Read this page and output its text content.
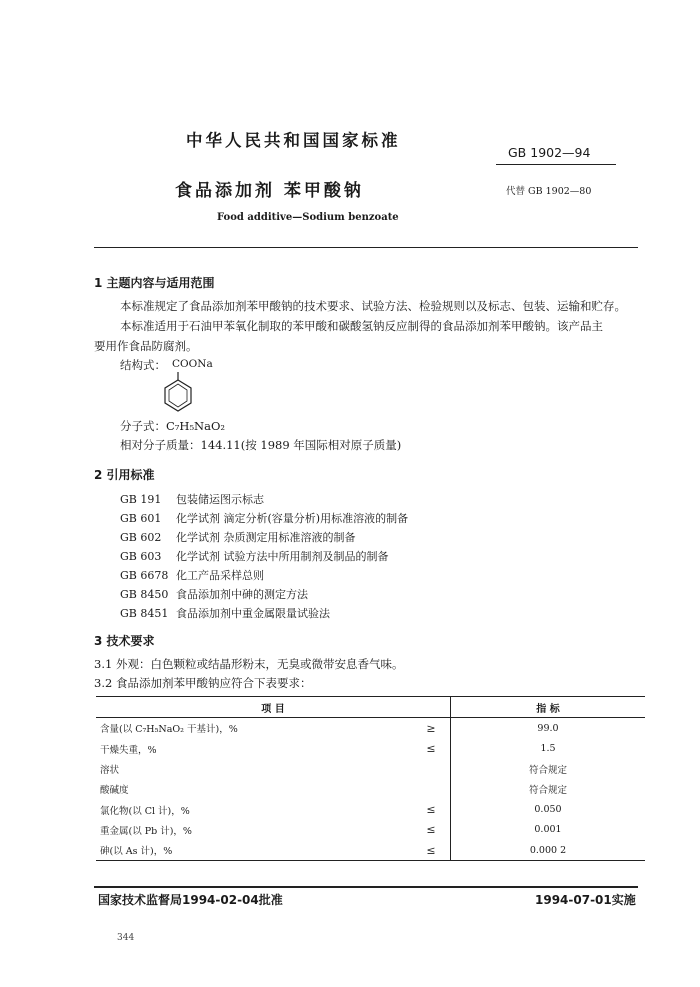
中华人民共和国国家标准
GB 1902—94
食品添加剂 苯甲酸钠	代替 GB 1902—80
Food additive—Sodium benzoate
1 主题内容与适用范围
本标准规定了食品添加剂苯甲酸钠的技术要求、试验方法、检验规则以及标志、包装、运输和贮存。
本标准适用于石油甲苯氧化制取的苯甲酸和碳酸氢钠反应制得的食品添加剂苯甲酸钠。该产品主
要用作食品防腐剂。
结构式： COONa
分子式：C₇H₅NaO₂
相对分子质量：144.11(按 1989 年国际相对原子质量)
2 引用标准
GB 191 包装储运图示标志
GB 601 化学试剂 滴定分析(容量分析)用标准溶液的制备
GB 602 化学试剂 杂质测定用标准溶液的制备
GB 603 化学试剂 试验方法中所用制剂及制品的制备
GB 6678 化工产品采样总则
GB 8450 食品添加剂中砷的测定方法
GB 8451 食品添加剂中重金属限量试验法
3 技术要求
3.1 外观：白色颗粒或结晶形粉末，无臭或微带安息香气味。
3.2 食品添加剂苯甲酸钠应符合下表要求：
项 目		指 标
含量(以 C₇H₅NaO₂ 干基计)，%	≥	99.0
干燥失重，%	≤	1.5
溶状		符合规定
酸碱度		符合规定
氯化物(以 Cl 计)，%	≤	0.050
重金属(以 Pb 计)，%	≤	0.001
砷(以 As 计)，%	≤	0.000 2
国家技术监督局1994-02-04批准	1994-07-01实施
344
